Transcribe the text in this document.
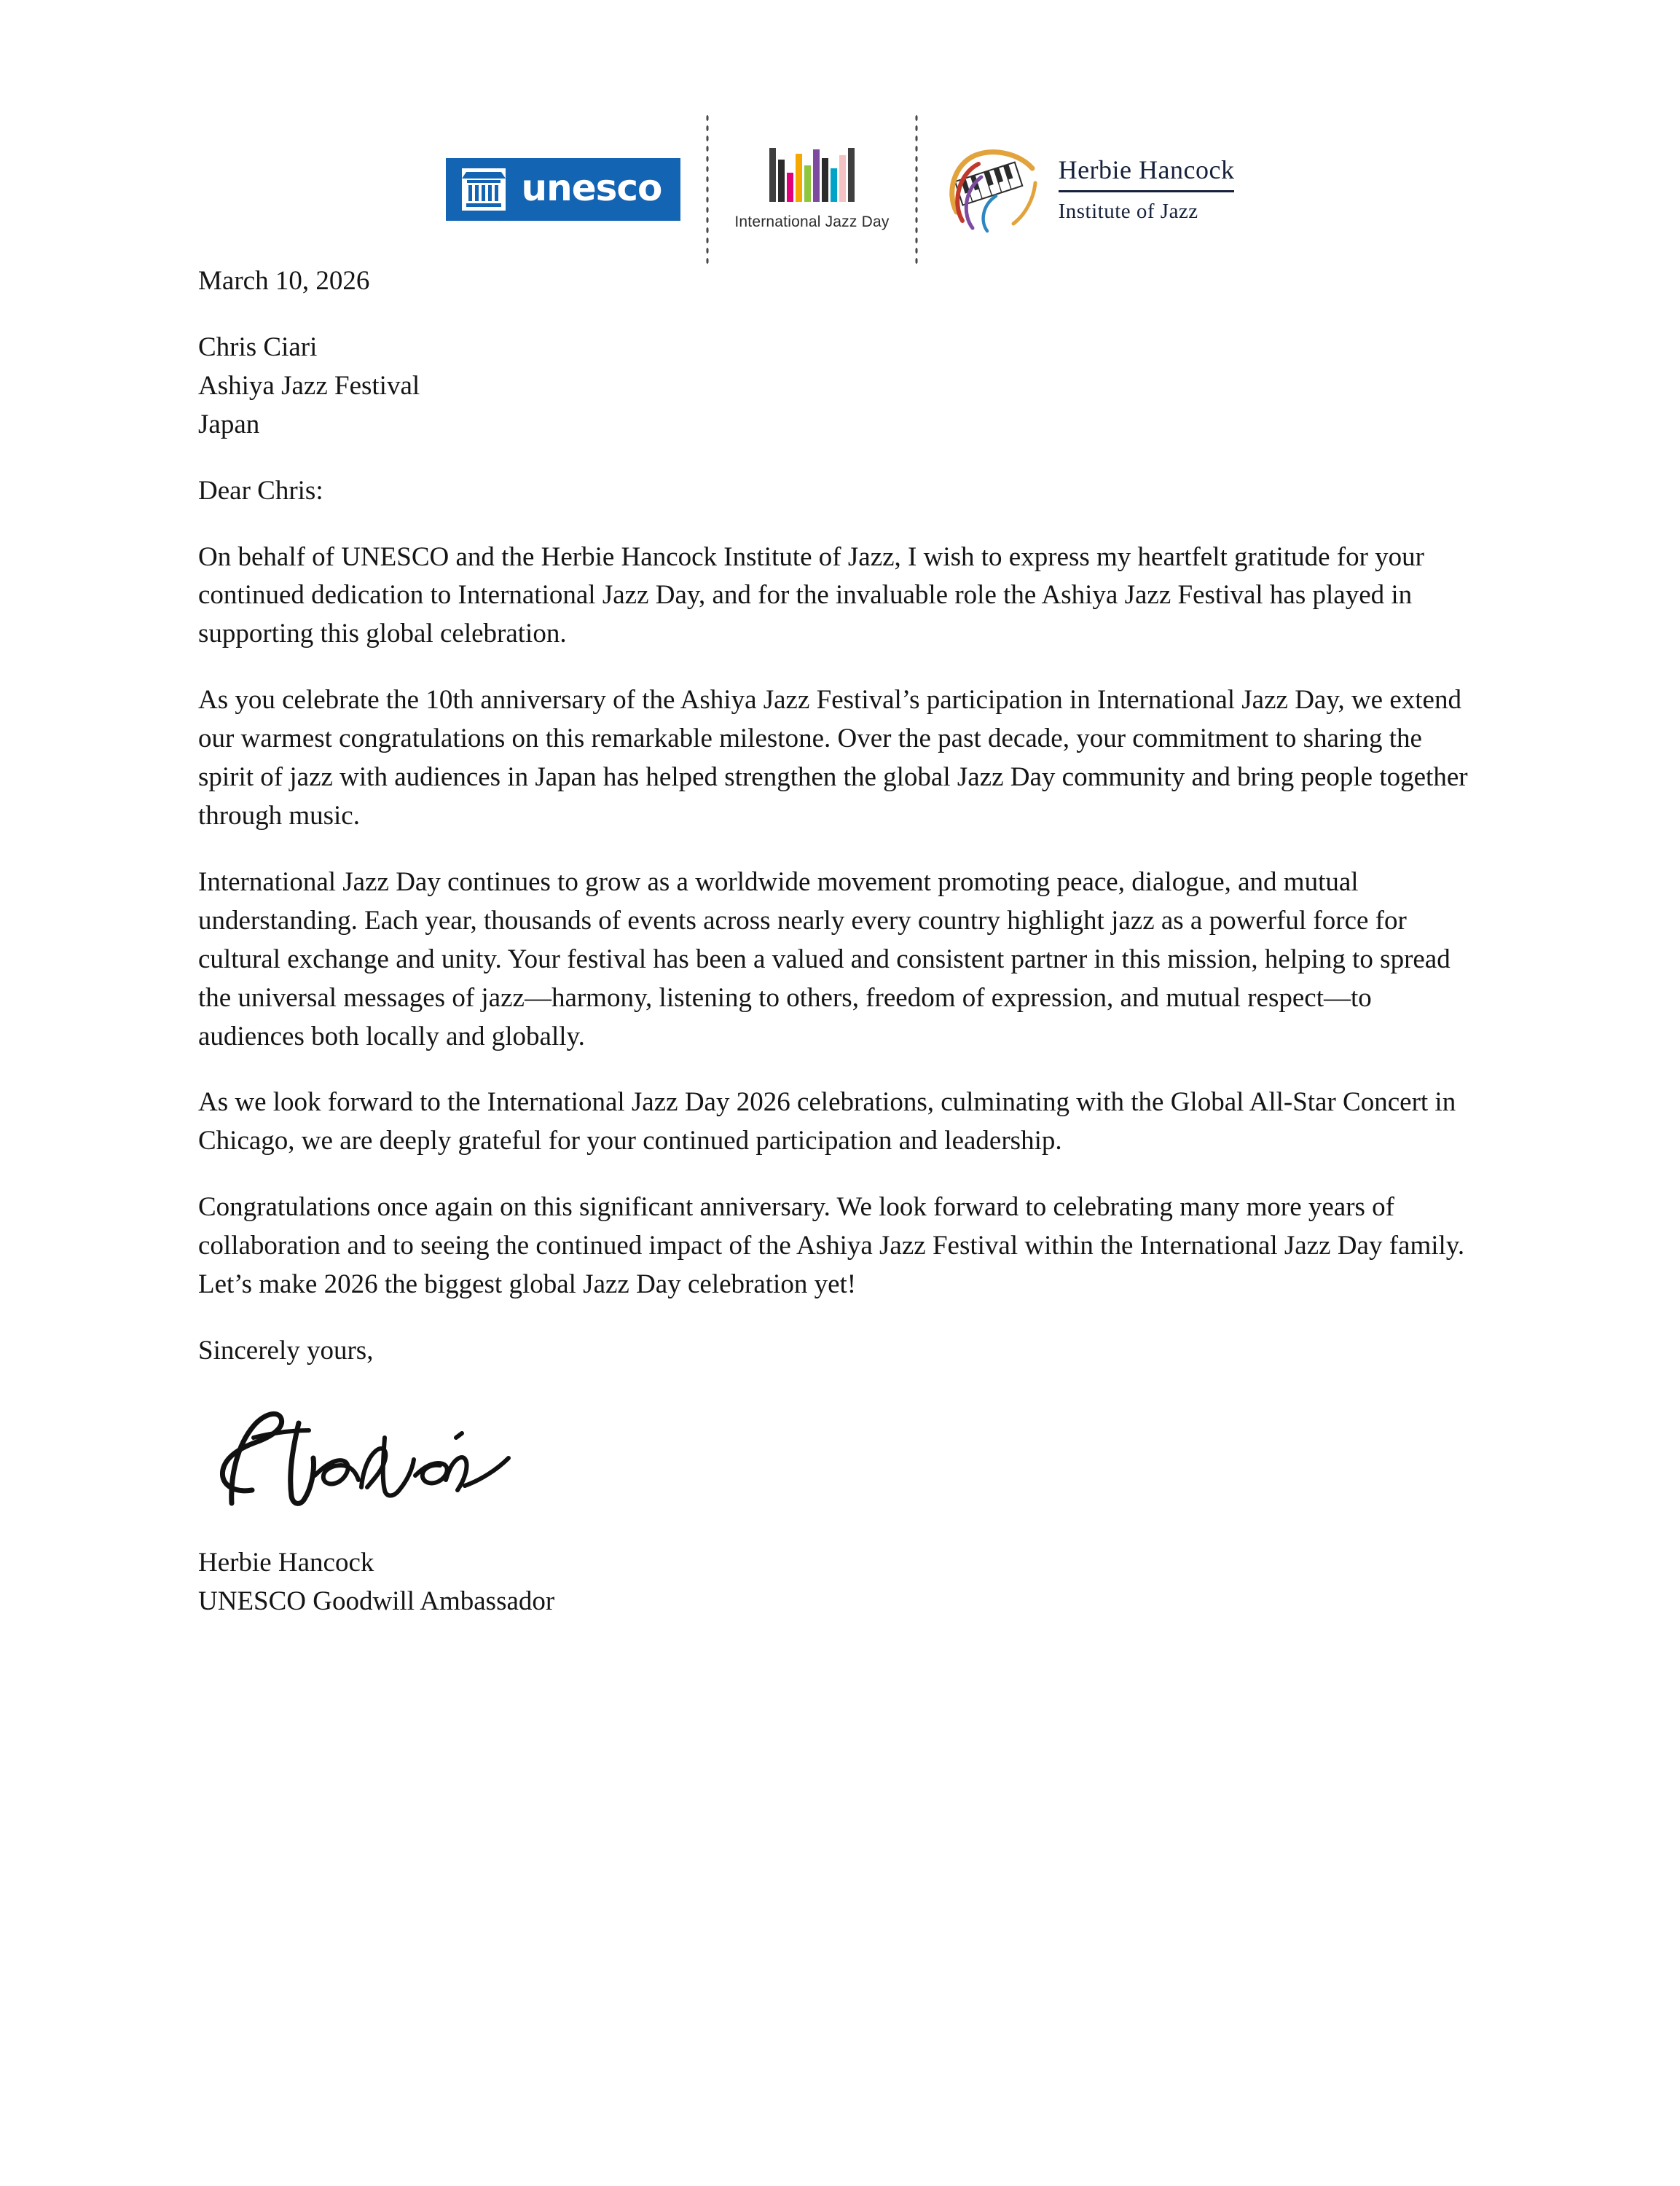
unesco
International Jazz Day
Herbie Hancock
Institute of Jazz

March 10, 2026

Chris Ciari
Ashiya Jazz Festival
Japan

Dear Chris:

On behalf of UNESCO and the Herbie Hancock Institute of Jazz, I wish to express my heartfelt gratitude for your continued dedication to International Jazz Day, and for the invaluable role the Ashiya Jazz Festival has played in supporting this global celebration.

As you celebrate the 10th anniversary of the Ashiya Jazz Festival’s participation in International Jazz Day, we extend our warmest congratulations on this remarkable milestone. Over the past decade, your commitment to sharing the spirit of jazz with audiences in Japan has helped strengthen the global Jazz Day community and bring people together through music.

International Jazz Day continues to grow as a worldwide movement promoting peace, dialogue, and mutual understanding. Each year, thousands of events across nearly every country highlight jazz as a powerful force for cultural exchange and unity. Your festival has been a valued and consistent partner in this mission, helping to spread the universal messages of jazz—harmony, listening to others, freedom of expression, and mutual respect—to audiences both locally and globally.

As we look forward to the International Jazz Day 2026 celebrations, culminating with the Global All-Star Concert in Chicago, we are deeply grateful for your continued participation and leadership.

Congratulations once again on this significant anniversary. We look forward to celebrating many more years of collaboration and to seeing the continued impact of the Ashiya Jazz Festival within the International Jazz Day family. Let’s make 2026 the biggest global Jazz Day celebration yet!

Sincerely yours,

Herbie Hancock
UNESCO Goodwill Ambassador
